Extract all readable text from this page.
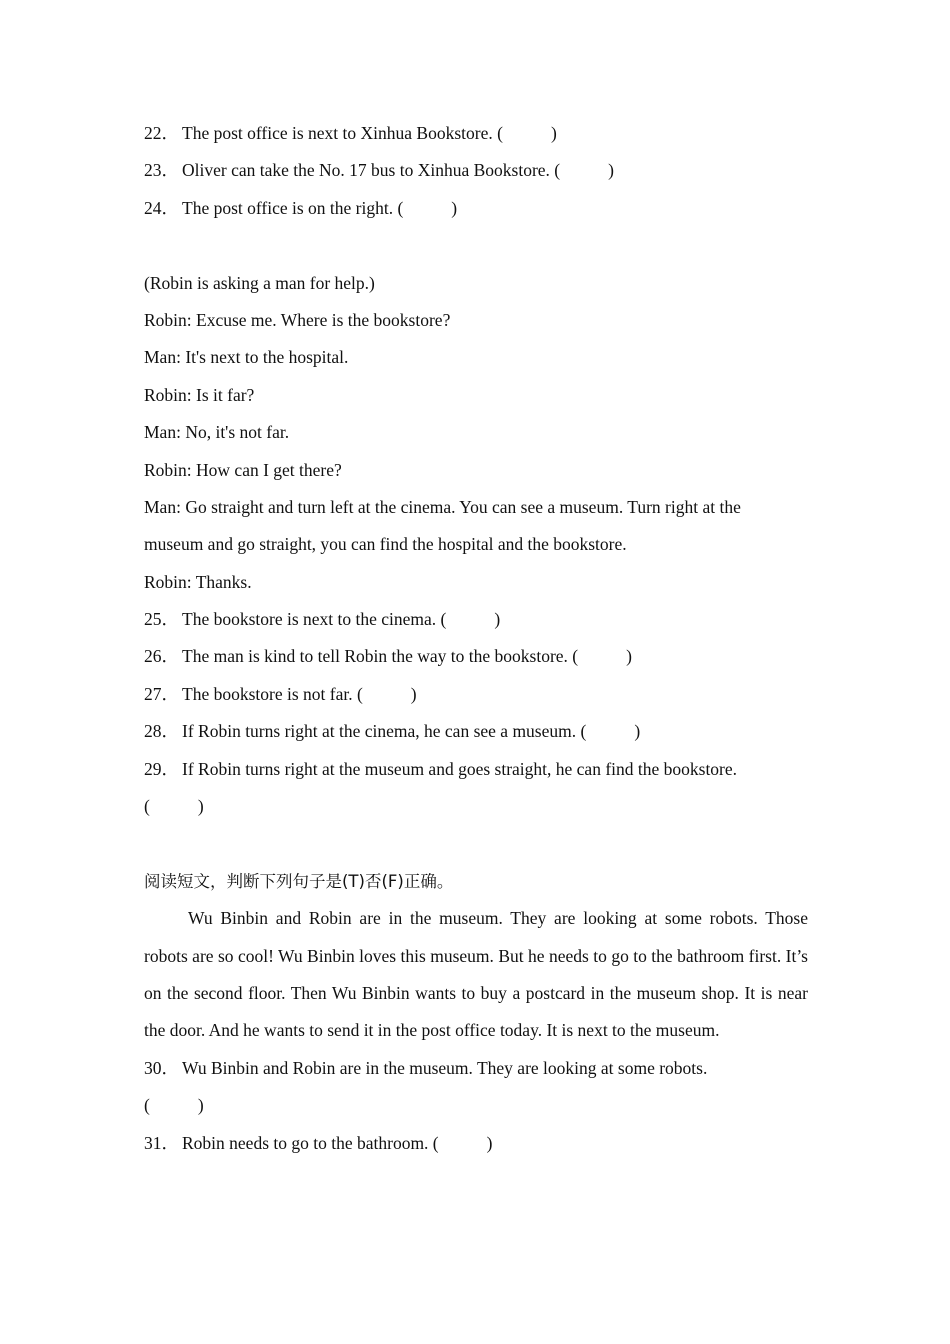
22． The post office is next to Xinhua Bookstore. (	)
23． Oliver can take the No. 17 bus to Xinhua Bookstore. (	)
24． The post office is on the right. (	)
(Robin is asking a man for help.)
Robin: Excuse me. Where is the bookstore?
Man: It's next to the hospital.
Robin: Is it far?
Man: No, it's not far.
Robin: How can I get there?
Man: Go straight and turn left at the cinema. You can see a museum. Turn right at the
museum and go straight, you can find the hospital and the bookstore.
Robin: Thanks.
25． The bookstore is next to the cinema. (	)
26． The man is kind to tell Robin the way to the bookstore. (	)
27． The bookstore is not far. (	)
28． If Robin turns right at the cinema, he can see a museum. (	)
29． If Robin turns right at the museum and goes straight, he can find the bookstore.
(	)
阅读短文，判断下列句子是(T)否(F)正确。
Wu Binbin and Robin are in the museum. They are looking at some robots. Those robots are so cool! Wu Binbin loves this museum. But he needs to go to the bathroom first. It’s on the second floor. Then Wu Binbin wants to buy a postcard in the museum shop. It is near the door. And he wants to send it in the post office today. It is next to the museum.
30． Wu Binbin and Robin are in the museum. They are looking at some robots.
(	)
31． Robin needs to go to the bathroom. (	)
